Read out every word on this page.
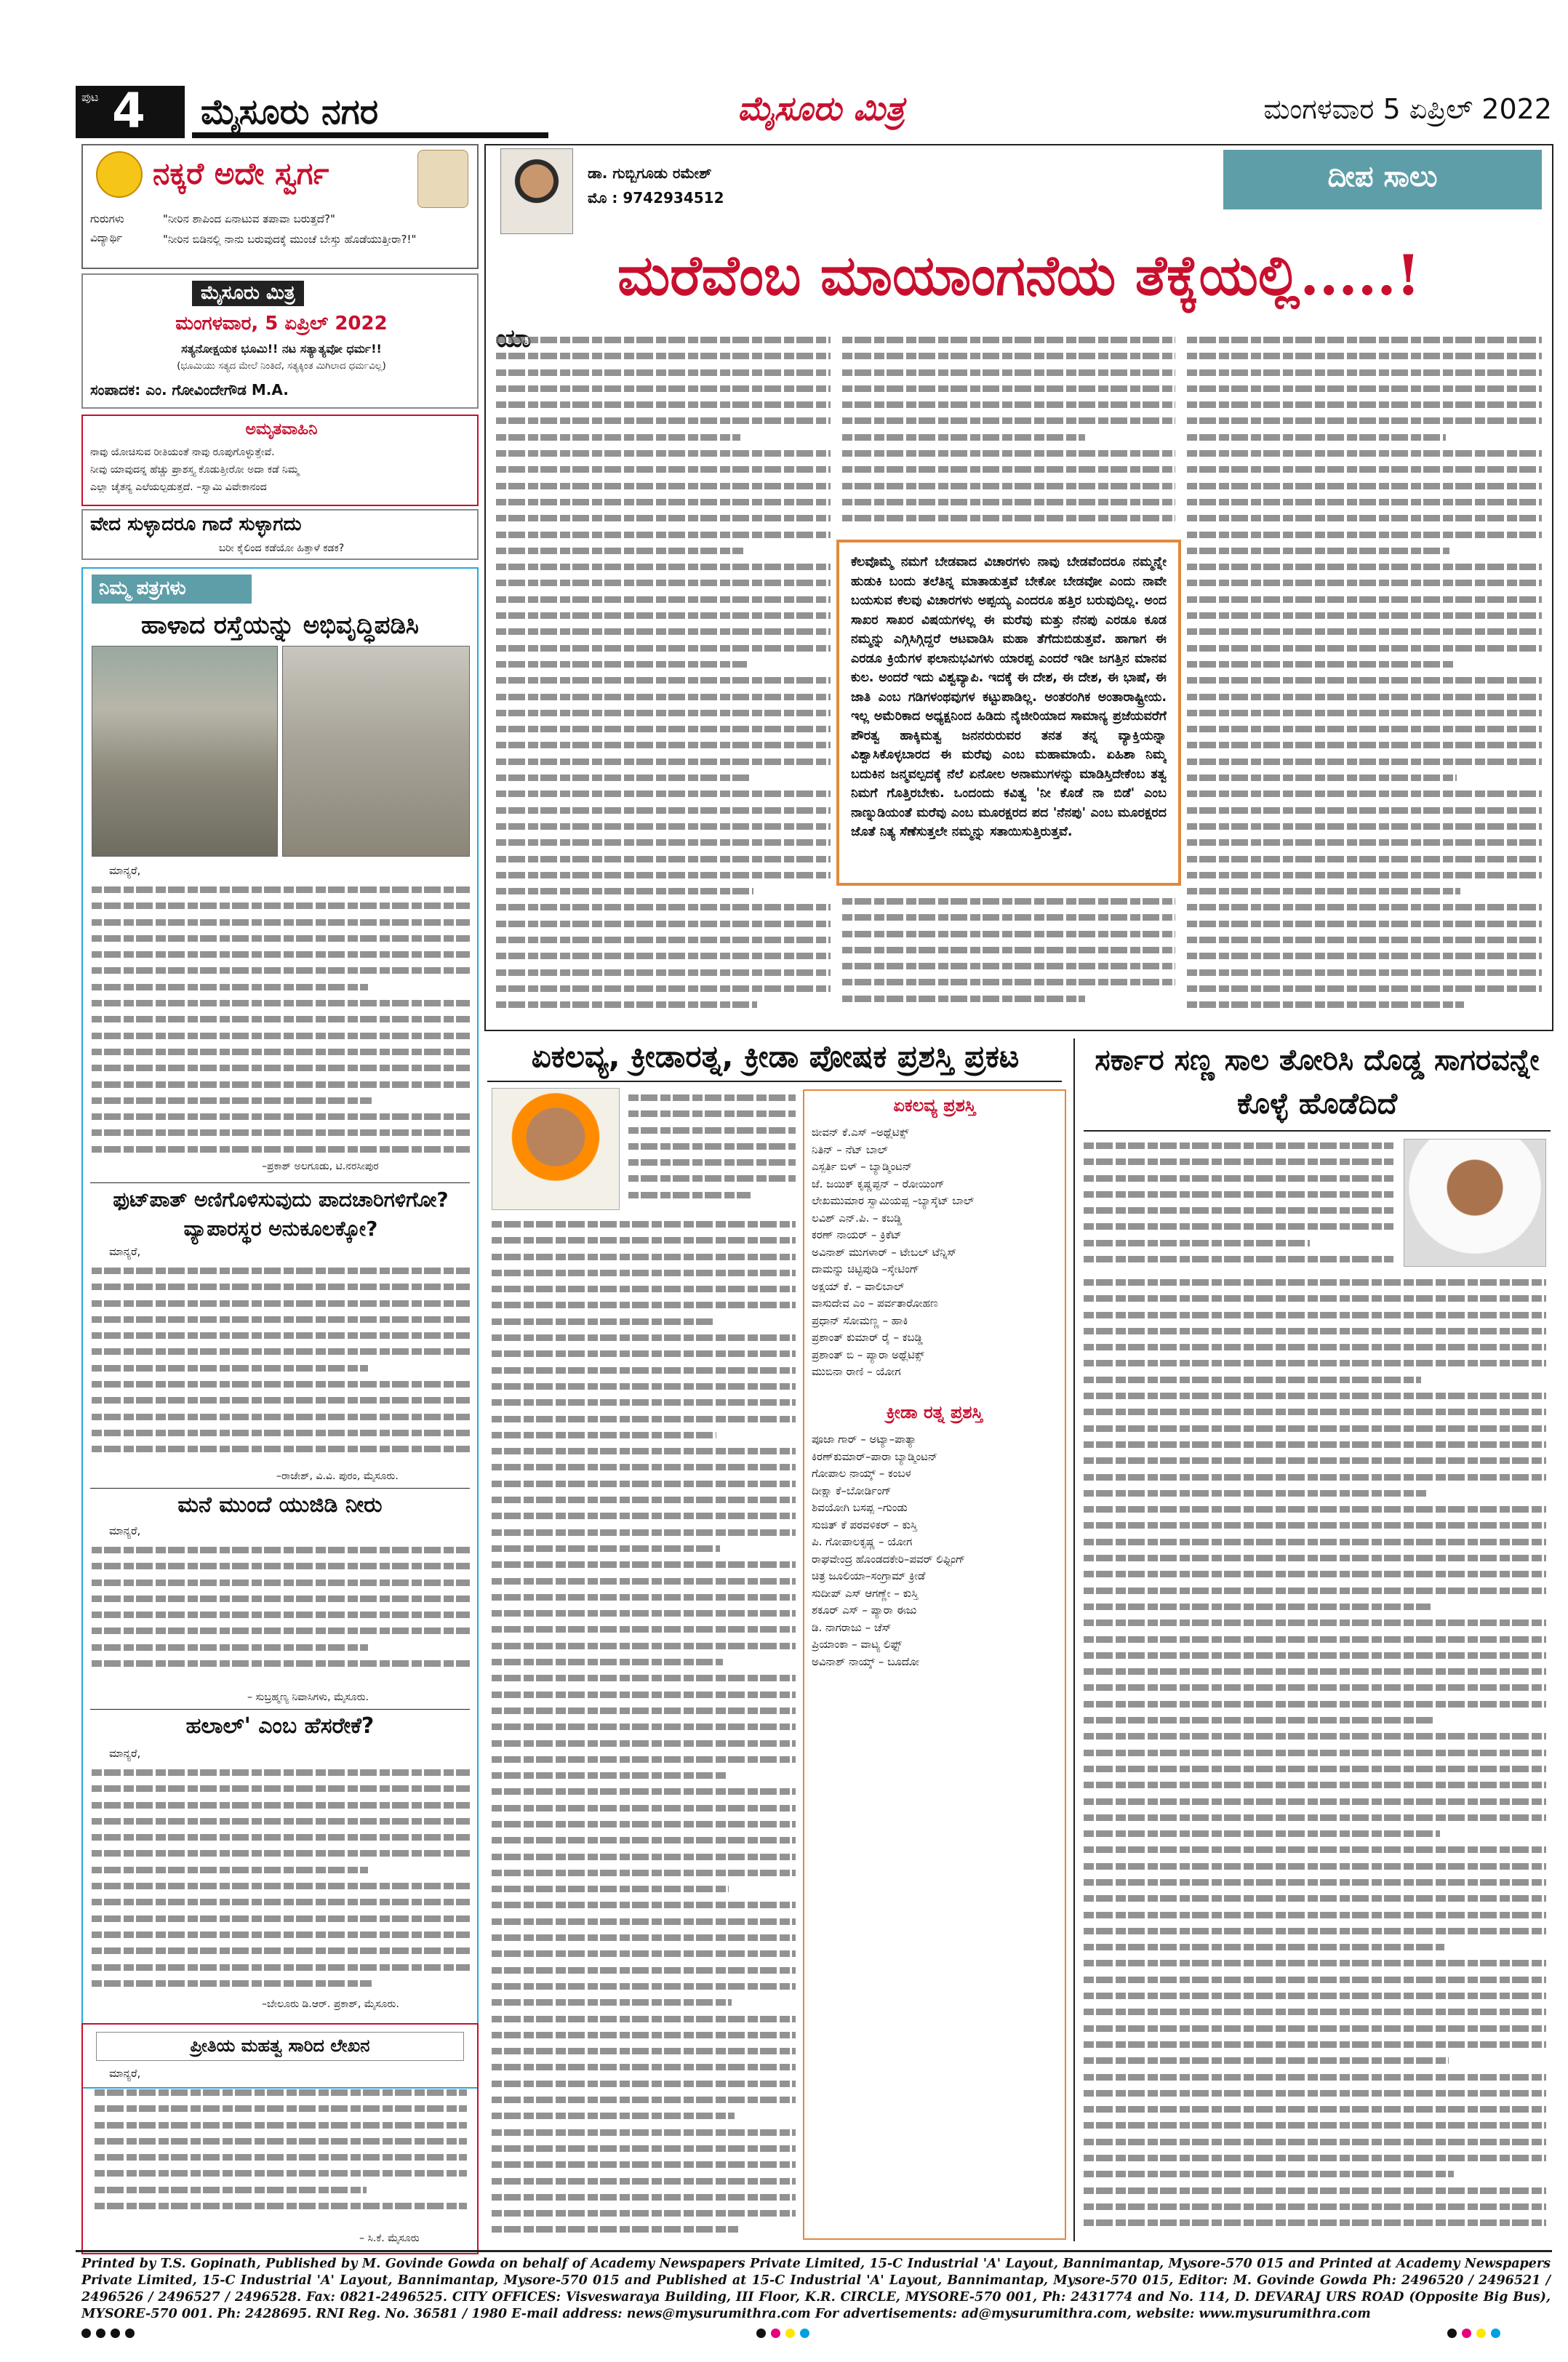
ಪುಟ 4 ಮೈಸೂರು ನಗರ	ಮೈಸೂರು ಮಿತ್ರ	ಮಂಗಳವಾರ 5 ಏಪ್ರಿಲ್ 2022
ನಕ್ಕರೆ ಅದೇ ಸ್ವರ್ಗ
ಗುರುಗಳು	"ನೀರಿನ ಶಾಪಿಂದ ಏನಾಟುವ ತಪಾವಾ ಬರುತ್ತದೆ?"
ವಿದ್ಯಾರ್ಥಿ	"ನೀರಿನ ಬಿಡಿನಲ್ಲಿ ನಾನು ಬರುವುದಕ್ಕೆ ಮುಂಚೆ ಬೇಸ್ತು ಹೊಡೆಯುತ್ತೀರಾ?!"
ಮೈಸೂರು ಮಿತ್ರ
ಮಂಗಳವಾರ, 5 ಏಪ್ರಿಲ್ 2022
ಸತ್ಯನೋಕ್ಷಯಕ ಭೂಮಿ!! ನಟ ಸತ್ಯಾತ್ಯವೋ ಧರ್ಮ!!
(ಭೂಮಿಯು ಸತ್ಯದ ಮೇಲೆ ನಿಂತಿದೆ, ಸತ್ಯಕ್ಕಿಂತ ಮಿಗಿಲಾದ ಧರ್ಮವಿಲ್ಲ)
ಸಂಪಾದಕ: ಎಂ. ಗೋವಿಂದೇಗೌಡ M.A.
ಅಮೃತವಾಹಿನಿ
ನಾವು ಯೋಚಿಸುವ ರೀತಿಯಂತೆ ನಾವು ರೂಪುಗೊಳ್ಳುತ್ತೇವೆ.
ನೀವು ಯಾವುದನ್ನ ಹೆಚ್ಚು ಪ್ರಾಶಸ್ತ್ಯ ಕೊಡುತ್ತೀರೋ ಅದಾ ಕಡೆ ನಿಮ್ಮ
ಎಲ್ಲಾ ಚೈತನ್ಯ ಎಲೆಯಲ್ಪಡುತ್ತದೆ. –ಸ್ವಾಮಿ ವಿವೇಕಾನಂದ
ವೇದ ಸುಳ್ಳಾದರೂ ಗಾದೆ ಸುಳ್ಳಾಗದು
ಬರೀ ಕೈಲಿಂದ ಕಡೆಯೋ ಹಿತ್ತಾಳೆ ಕಡಕ?
ನಿಮ್ಮ ಪತ್ರಗಳು
ಹಾಳಾದ ರಸ್ತೆಯನ್ನು ಅಭಿವೃದ್ಧಿಪಡಿಸಿ
ಮಾನ್ಯರೆ,
–ಪ್ರಕಾಶ್ ಅಲಗೂಡು, ಟಿ.ನರಸೀಪುರ
ಫುಟ್‌ಪಾತ್ ಅಣಿಗೊಳಿಸುವುದು ಪಾದಚಾರಿಗಳಿಗೋ? ವ್ಯಾಪಾರಸ್ಥರ ಅನುಕೂಲಕ್ಕೋ?
ಮಾನ್ಯರೆ,
–ರಾಜೇಶ್, ವಿ.ವಿ. ಪುರಂ, ಮೈಸೂರು.
ಮನೆ ಮುಂದೆ ಯುಜಿಡಿ ನೀರು
ಮಾನ್ಯರೆ,
– ಸುಬ್ರಹ್ಮಣ್ಯ ನಿವಾಸಿಗಳು, ಮೈಸೂರು.
ಹಲಾಲ್' ಎಂಬ ಹೆಸರೇಕೆ?
ಮಾನ್ಯರೆ,
–ಬೇಲೂರು ಡಿ.ಆರ್. ಪ್ರಕಾಶ್, ಮೈಸೂರು.
ಪ್ರೀತಿಯ ಮಹತ್ವ ಸಾರಿದ ಲೇಖನ
ಮಾನ್ಯರೆ,
– ಸಿ.ಕೆ. ಮೈಸೂರು
ಡಾ. ಗುಬ್ಬಿಗೂಡು ರಮೇಶ್
ಮೊ : 9742934512
ದೀಪ ಸಾಲು
ಮರೆವೆಂಬ ಮಾಯಾಂಗನೆಯ ತೆಕ್ಕೆಯಲ್ಲಿ.....!
ಕೆಲವೊಮ್ಮೆ ನಮಗೆ ಬೇಡವಾದ ವಿಚಾರಗಳು ನಾವು ಬೇಡವೆಂದರೂ ನಮ್ಮನ್ನೇ ಹುಡುಕಿ ಬಂದು ತಲೆತಿನ್ನ ಮಾತಾಡುತ್ತವೆ ಬೇಕೋ ಬೇಡವೋ ಎಂದು ನಾವೇ ಬಯಸುವ ಕೆಲವು ವಿಚಾರಗಳು ಅಪ್ಪಯ್ಯ ಎಂದರೂ ಹತ್ತಿರ ಬರುವುದಿಲ್ಲ. ಅಂದ ಸಾಖರ ಸಾಖರ ವಿಷಯಗಳಲ್ಲ ಈ ಮರೆವು ಮತ್ತು ನೆನಪು ಎರಡೂ ಕೂಡ ನಮ್ಮನ್ನು ಎಗ್ಗಿಸಿಗ್ಗಿದ್ದರೆ ಆಟವಾಡಿಸಿ ಮಹಾ ತೆಗೆದುಬಿಡುತ್ತವೆ. ಹಾಗಾಗ ಈ ಎರಡೂ ಕ್ರಿಯೆಗಳ ಫಲಾನುಭವಿಗಳು ಯಾರಪ್ಪ ಎಂದರೆ ಇಡೀ ಜಗತ್ತಿನ ಮಾನವ ಕುಲ. ಅಂದರೆ ಇದು ವಿಶ್ವವ್ಯಾಪಿ. ಇದಕ್ಕೆ ಈ ದೇಶ, ಈ ದೇಶ, ಈ ಭಾಷೆ, ಈ ಜಾತಿ ಎಂಬ ಗಡಿಗಳಂಥವುಗಳ ಕಟ್ಟುಪಾಡಿಲ್ಲ. ಅಂತರಂಗಿಕ ಅಂತಾರಾಷ್ಟ್ರೀಯ. ಇಲ್ಲ ಅಮೆರಿಕಾದ ಅಧ್ಯಕ್ಷನಿಂದ ಹಿಡಿದು ನೈಜೀರಿಯಾದ ಸಾಮಾನ್ಯ ಪ್ರಜೆಯವರೆಗೆ ಪೌರತ್ವ ಹಾಕ್ಕಿಮತ್ವ ಜನನರುರುವರ ತನತ ತನ್ನ ವ್ಯಾಕ್ತಿಯನ್ನಾ ವಿಶ್ವಾಸಿಕೊಳ್ಳಬಾರದ ಈ ಮರೆವು ಎಂಬ ಮಹಾಮಾಯೆ. ಏಹಿಶಾ ನಿಮ್ಮ ಬದುಕಿನ ಜನ್ಮವಲ್ಪದಕ್ಕೆ ನೆಲೆ ಏನೋಲ ಅನಾಮುಗಳನ್ನು ಮಾಡಿಸ್ತಿದೇಕೆಂಬ ತತ್ವ ನಿಮಗೆ ಗೊತ್ತಿರಬೇಕು. ಒಂದಂದು ಕವಿತ್ವ 'ನೀ ಕೊಡೆ ನಾ ಬಿಡೆ' ಎಂಬ ನಾಣ್ನುಡಿಯಂತೆ ಮರೆವು ಎಂಬ ಮೂರಕ್ಷರದ ಪದ 'ನೆನಪು' ಎಂಬ ಮೂರಕ್ಷರದ ಜೊತೆ ನಿತ್ಯ ಸೆಣೆಸುತ್ತಲೇ ನಮ್ಮನ್ನು ಸತಾಯಿಸುತ್ತಿರುತ್ತವೆ.
ಏಕಲವ್ಯ, ಕ್ರೀಡಾರತ್ನ, ಕ್ರೀಡಾ ಪೋಷಕ ಪ್ರಶಸ್ತಿ ಪ್ರಕಟ
ಏಕಲವ್ಯ ಪ್ರಶಸ್ತಿ
ಜೀವನ್ ಕೆ.ಎಸ್ –ಅಥ್ಲೆಟಿಕ್ಸ್
ನಿತಿನ್ – ನೆಟ್ ಬಾಲ್
ಎಸ್ಪರ್ತಿ ಬಿಳ್ – ಬ್ಯಾಡ್ಮಿಂಟನ್
ಜೆ. ಜಯಿಕ್ ಕೃಷ್ಣಪ್ಪನ್ – ರೋಯಿಂಗ್
ಲೇಖಮುಮಾರ ಸ್ವಾಮಿಯಪ್ಪ –ಬ್ಯಾಸ್ಕೆಟ್ ಬಾಲ್
ಲವಿಶ್ ಎನ್.ಪಿ. – ಕಬಡ್ಡಿ
ಕರಣ್ ನಾಯರ್ – ಕ್ರಿಕೆಟ್
ಅವಿನಾಶ್ ಮುಗಳಾರ್ – ಟೇಬಲ್ ಟೆನ್ನಿಸ್
ದಾಮನ್ನು ಚಿಟ್ಟಿಪುಡಿ –ಸ್ಕೇಟಿಂಗ್
ಅಕ್ಷಯ್ ಕೆ. – ವಾಲಿಬಾಲ್
ವಾಸುದೇವ ಎಂ – ಪರ್ವತಾರೋಹಣ
ಪ್ರಧಾನ್ ಸೋಮಣ್ಣ – ಹಾಕಿ
ಪ್ರಶಾಂತ್ ಕುಮಾರ್ ರೈ – ಕಬಡ್ಡಿ
ಪ್ರಶಾಂತ್ ಬಿ – ಪ್ಯಾರಾ ಅಥ್ಲೆಟಿಕ್ಸ್
ಮುಬಿನಾ ರಾಣಿ – ಯೋಗ
ಕ್ರೀಡಾ ರತ್ನ ಪ್ರಶಸ್ತಿ
ಪೂಜಾ ಗಾರ್ – ಅಟ್ಯಾ–ಪಾತ್ಯಾ
ಕಿರಣ್‌ಕುಮಾರ್–ಪಾರಾ ಬ್ಯಾಡ್ಮಿಂಟನ್
ಗೋಪಾಲ ನಾಯ್ಕ್ – ಕಂಬಳ
ದೀಕ್ಷಾ ಕೆ–ಬೋರ್ಡಿಂಗ್
ಶಿವಯೋಗಿ ಬಸಪ್ಪ –ಗುಂಡು
ಸುಜಿತ್ ಕೆ ಪರವಳಿಕರ್ – ಕುಸ್ತಿ
ಪಿ. ಗೋಪಾಲಕೃಷ್ಣ – ಯೋಗ
ರಾಘವೇಂದ್ರ ಹೊಂಡದಕೇರಿ–ಪವರ್ ಲಿಫ್ಟಿಂಗ್
ಚಿತ್ರ ಜೂಲಿಯಾ–ಸಂಗ್ರಾಮ್ ಕ್ರೀಡೆ
ಸುದೀಪ್ ಎಸ್ ಆಗಣ್ಣೇ – ಕುಸ್ತಿ
ಶಕೂರ್ ಎಸ್ – ಪ್ಯಾರಾ ಈಜು
ಡಿ. ನಾಗರಾಜು – ಚೆಸ್
ಪ್ರಿಯಾಂಕಾ – ವಾಟ್ಯ ಲಿಫ್ಟ್
ಅವಿನಾಶ್ ನಾಯ್ಕ್ – ಬೂದೋ
ಸರ್ಕಾರ ಸಣ್ಣ ಸಾಲ ತೋರಿಸಿ ದೊಡ್ಡ ಸಾಗರವನ್ನೇ ಕೊಳ್ಳೆ ಹೊಡೆದಿದೆ
Printed by T.S. Gopinath, Published by M. Govinde Gowda on behalf of Academy Newspapers Private Limited, 15-C Industrial 'A' Layout, Bannimantap, Mysore-570 015 and Printed at Academy Newspapers Private Limited, 15-C Industrial 'A' Layout, Bannimantap, Mysore-570 015 and Published at 15-C Industrial 'A' Layout, Bannimantap, Mysore-570 015, Editor: M. Govinde Gowda Ph: 2496520 / 2496521 / 2496526 / 2496527 / 2496528. Fax: 0821-2496525. CITY OFFICES: Visveswaraya Building, III Floor, K.R. CIRCLE, MYSORE-570 001, Ph: 2431774 and No. 114, D. DEVARAJ URS ROAD (Opposite Big Bus), MYSORE-570 001. Ph: 2428695. RNI Reg. No. 36581 / 1980 E-mail address: news@mysurumithra.com For advertisements: ad@mysurumithra.com, website: www.mysurumithra.com
